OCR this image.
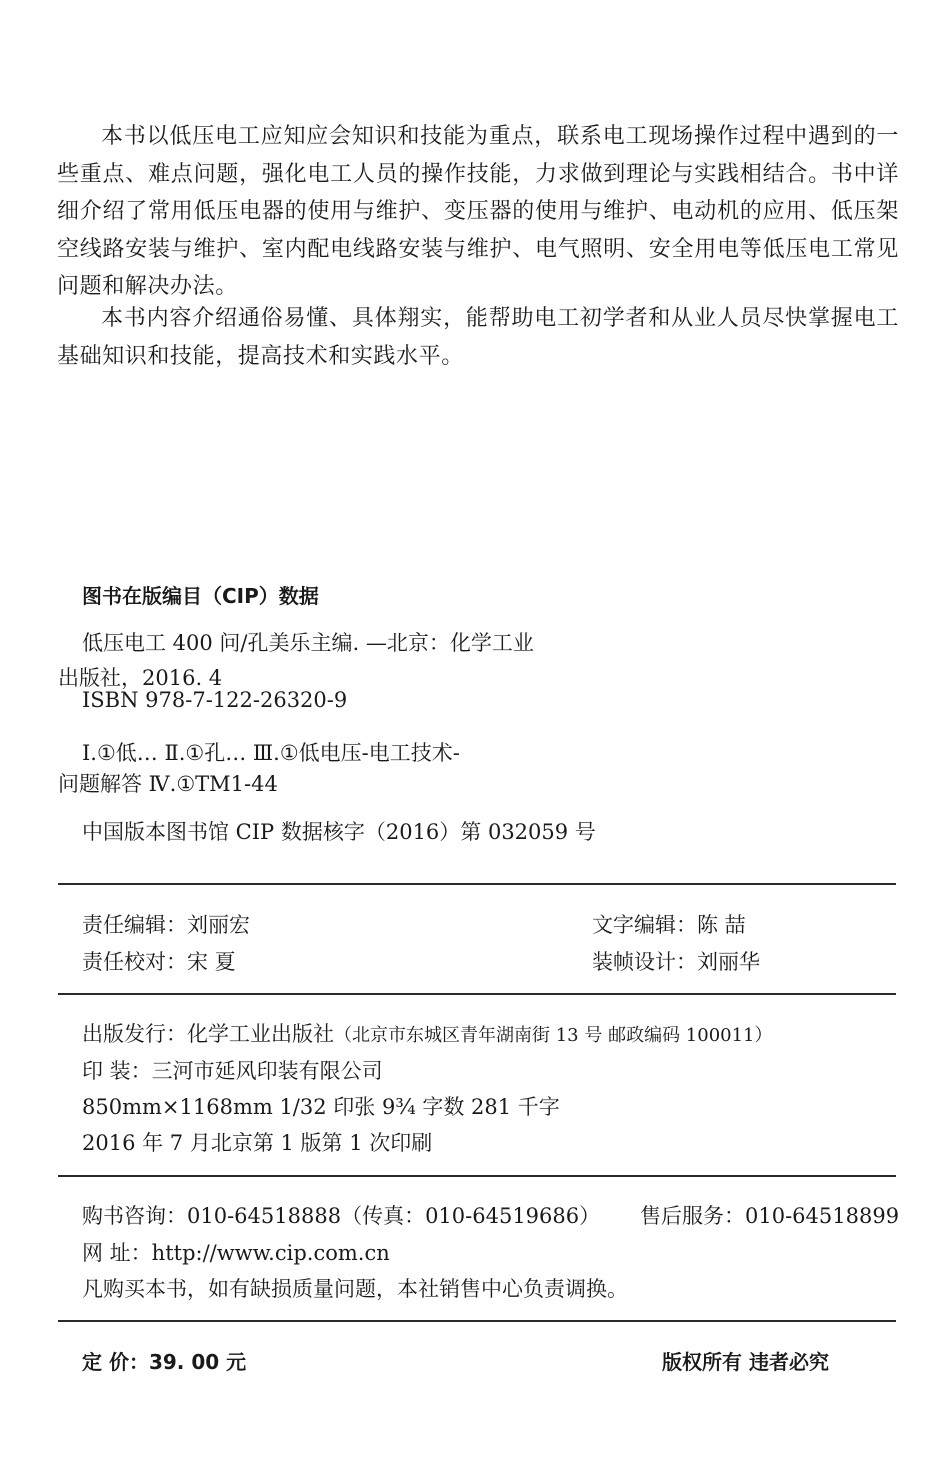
本书以低压电工应知应会知识和技能为重点，联系电工现场操作过程中遇到的一些重点、难点问题，强化电工人员的操作技能，力求做到理论与实践相结合。书中详细介绍了常用低压电器的使用与维护、变压器的使用与维护、电动机的应用、低压架空线路安装与维护、室内配电线路安装与维护、电气照明、安全用电等低压电工常见问题和解决办法。
本书内容介绍通俗易懂、具体翔实，能帮助电工初学者和从业人员尽快掌握电工基础知识和技能，提高技术和实践水平。
图书在版编目（CIP）数据
低压电工 400 问/孔美乐主编. —北京：化学工业
出版社，2016. 4
ISBN 978-7-122-26320-9
Ⅰ.①低… Ⅱ.①孔… Ⅲ.①低电压-电工技术-
问题解答 Ⅳ.①TM1-44
中国版本图书馆 CIP 数据核字（2016）第 032059 号
责任编辑：刘丽宏	文字编辑：陈 喆
责任校对：宋 夏	装帧设计：刘丽华
出版发行：化学工业出版社（北京市东城区青年湖南街 13 号 邮政编码 100011）
印 装：三河市延风印装有限公司
850mm×1168mm 1/32 印张 9¾ 字数 281 千字
2016 年 7 月北京第 1 版第 1 次印刷
购书咨询：010-64518888（传真：010-64519686） 售后服务：010-64518899
网 址：http://www.cip.com.cn
凡购买本书，如有缺损质量问题，本社销售中心负责调换。
定 价：39. 00 元	版权所有 违者必究
